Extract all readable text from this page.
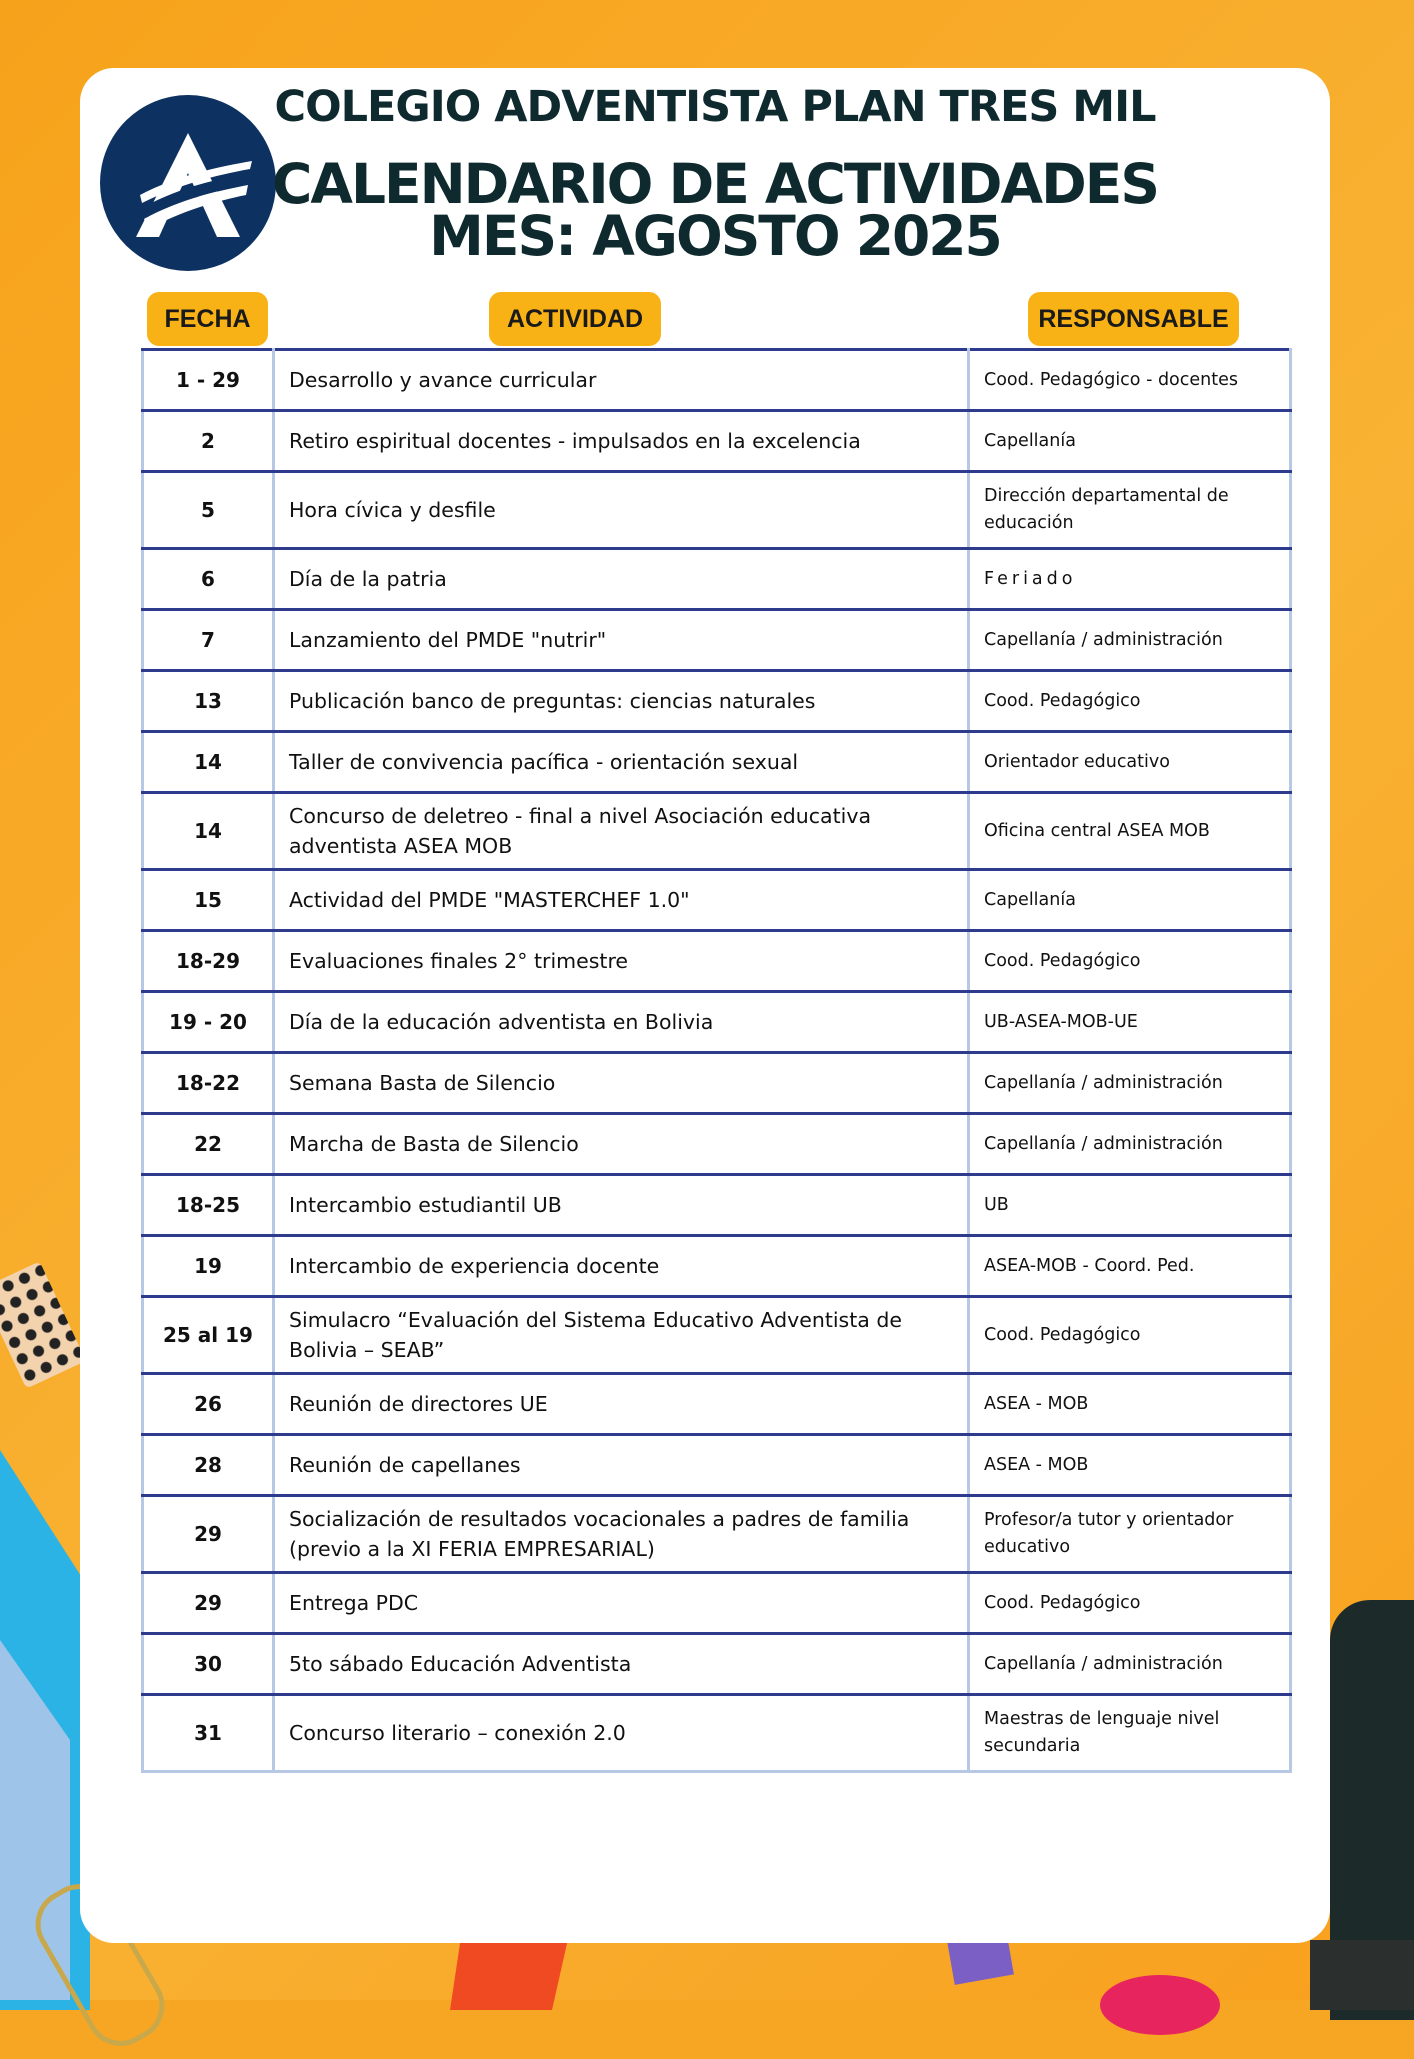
COLEGIO ADVENTISTA PLAN TRES MIL
CALENDARIO DE ACTIVIDADES
MES: AGOSTO 2025
FECHA	ACTIVIDAD	RESPONSABLE
1 - 29	Desarrollo y avance curricular	Cood. Pedagógico - docentes
2	Retiro espiritual docentes - impulsados en la excelencia	Capellanía
5	Hora cívica y desfile	Dirección departamental de educación
6	Día de la patria	Feriado
7	Lanzamiento del PMDE "nutrir"	Capellanía / administración
13	Publicación banco de preguntas: ciencias naturales	Cood. Pedagógico
14	Taller de convivencia pacífica - orientación sexual	Orientador educativo
14	Concurso de deletreo - final a nivel Asociación educativa adventista ASEA MOB	Oficina central ASEA MOB
15	Actividad del PMDE "MASTERCHEF 1.0"	Capellanía
18-29	Evaluaciones finales 2° trimestre	Cood. Pedagógico
19 - 20	Día de la educación adventista en Bolivia	UB-ASEA-MOB-UE
18-22	Semana Basta de Silencio	Capellanía / administración
22	Marcha de Basta de Silencio	Capellanía / administración
18-25	Intercambio estudiantil UB	UB
19	Intercambio de experiencia docente	ASEA-MOB - Coord. Ped.
25 al 19	Simulacro “Evaluación del Sistema Educativo Adventista de Bolivia – SEAB”	Cood. Pedagógico
26	Reunión de directores UE	ASEA - MOB
28	Reunión de capellanes	ASEA - MOB
29	Socialización de resultados vocacionales a padres de familia (previo a la XI FERIA EMPRESARIAL)	Profesor/a tutor y orientador educativo
29	Entrega PDC	Cood. Pedagógico
30	5to sábado Educación Adventista	Capellanía / administración
31	Concurso literario – conexión 2.0	Maestras de lenguaje nivel secundaria
